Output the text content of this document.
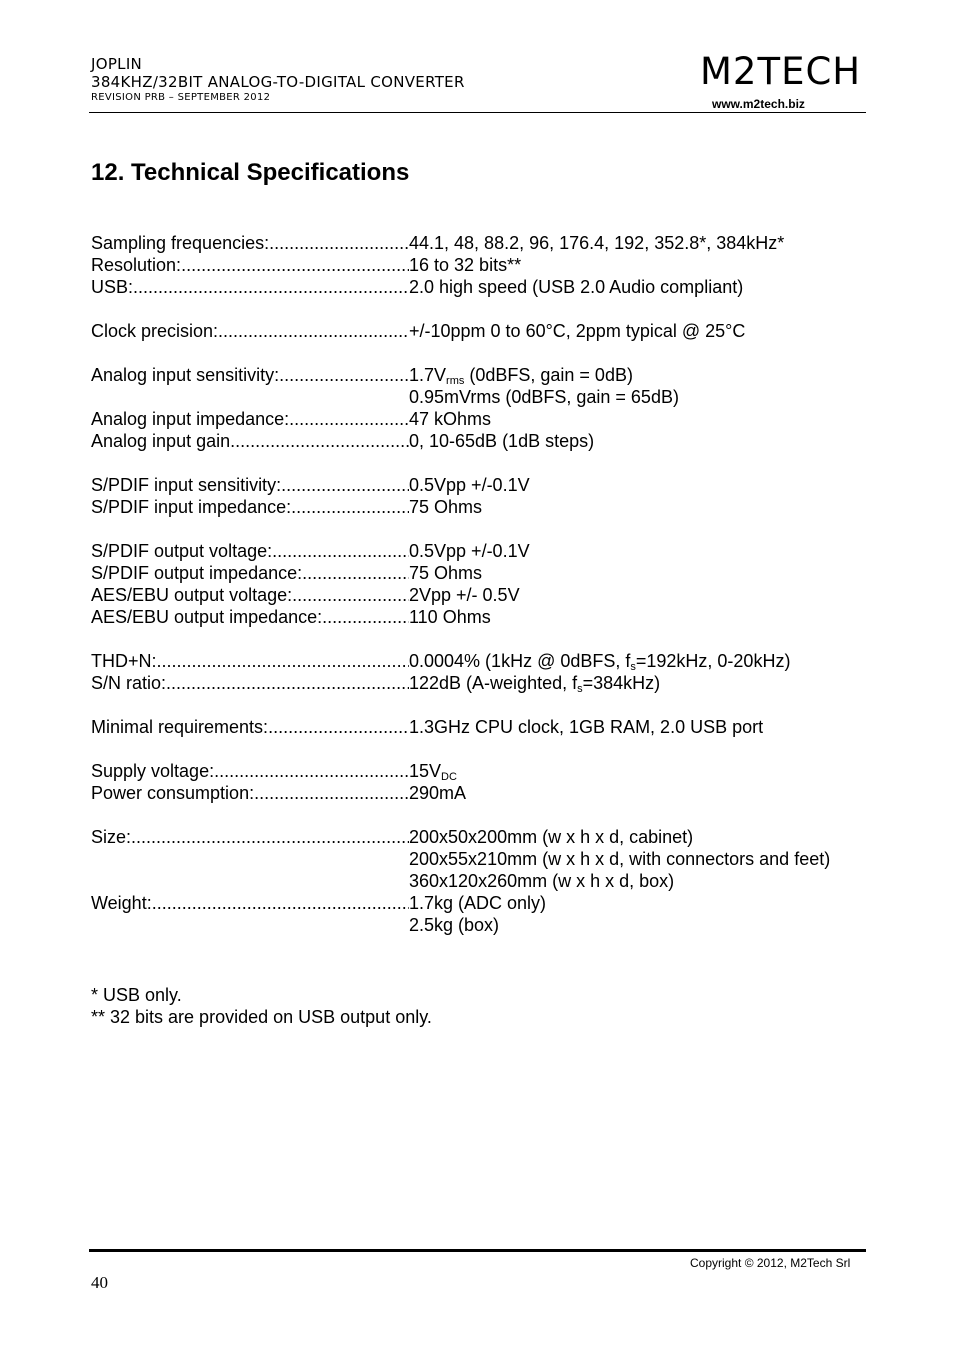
JOPLIN
384KHZ/32BIT ANALOG-TO-DIGITAL CONVERTER
REVISION PRB – SEPTEMBER 2012
M2TECH
www.m2tech.biz
12. Technical Specifications
Sampling frequencies: .....	44.1, 48, 88.2, 96, 176.4, 192, 352.8*, 384kHz*
Resolution: .....	16 to 32 bits**
USB: .....	2.0 high speed (USB 2.0 Audio compliant)
Clock precision: .....	+/-10ppm 0 to 60°C, 2ppm typical @ 25°C
Analog input sensitivity: .....	$1.7V_{rms}$ (0dBFS, gain = 0dB)
0.95mVrms (0dBFS, gain = 65dB)
Analog input impedance: .....	47 kOhms
Analog input gain .....	0, 10-65dB (1dB steps)
S/PDIF input sensitivity: .....	0.5Vpp +/-0.1V
S/PDIF input impedance: .....	75 Ohms
S/PDIF output voltage: .....	0.5Vpp +/-0.1V
S/PDIF output impedance: .....	75 Ohms
AES/EBU output voltage: .....	2Vpp +/- 0.5V
AES/EBU output impedance: .....	110 Ohms
THD+N: .....	0.0004% (1kHz @ 0dBFS, $f_s=192kHz$, 0-20kHz)
S/N ratio: .....	122dB (A-weighted, $f_s=384kHz$)
Minimal requirements: .....	1.3GHz CPU clock, 1GB RAM, 2.0 USB port
Supply voltage: .....	$15V_{DC}$
Power consumption: .....	290mA
Size: .....	200x50x200mm (w x h x d, cabinet)
200x55x210mm (w x h x d, with connectors and feet)
360x120x260mm (w x h x d, box)
Weight: .....	1.7kg (ADC only)
2.5kg (box)
* USB only.
** 32 bits are provided on USB output only.
Copyright © 2012, M2Tech Srl
40
